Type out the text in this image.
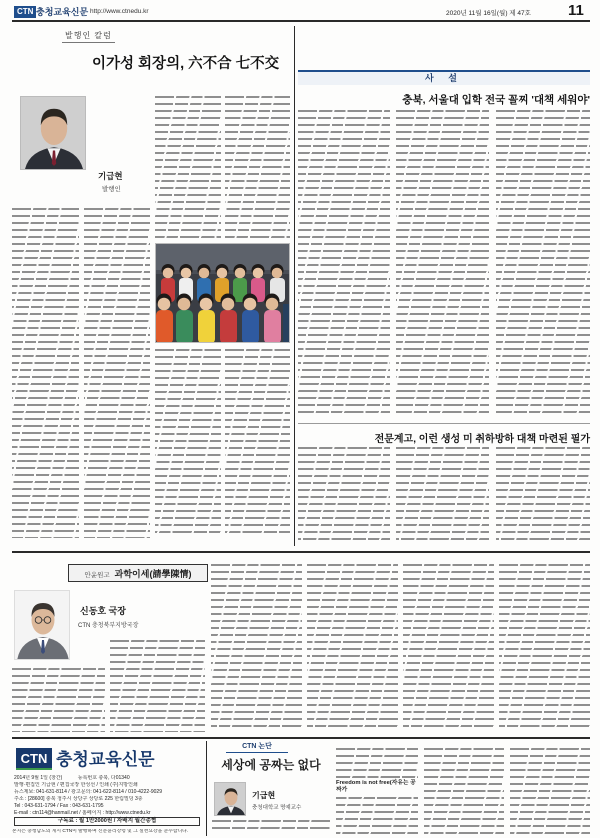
CTN 충청교육신문 http://www.ctnedu.kr	2020년 11월 16일(월) 제 47호 11
발행인 칼럼
이가성 회장의, 六不合 七不交
기급현
발행인
사 설
충북, 서울대 입학 전국 꼴찌 '대책 세워야'
전문계고, 이런 생성 미 취하방하 대책 마련된 필가
안윤원고 과학이세(請學陳情)
신동호 국장
CTN 충청북부지방국장
CTN 충청교육신문
2014년 9월 1일 (창간)	등록번호 충북, 다01340
발행·편집인 기급현 / 편집국장 한성선 / 인쇄 (주)지방인쇄
뉴스제보: 041-631-8114 / 광고문의: 041-622-8114 / 010-4222-9029
주소 : [28600] 충북 청주시 상당구 상당로 225 한림빌딩 3층
Tel : 043-631-1794 / Fax : 043-631-1795
E-mail : ctn114@hanmail.net / 홈페이지 : http://www.ctnedu.kr
구독료 : 월 1만2000원 / 자배지 월간총협
본지는 충청남도의 게시 CTN이 발행하며 신문윤리강령 및 그 실천요강을 준수합니다.
CTN 논단
세상에 공짜는 없다
기급현
충청대학교 명예교수
Freedom is not free(자유는 공짜가
